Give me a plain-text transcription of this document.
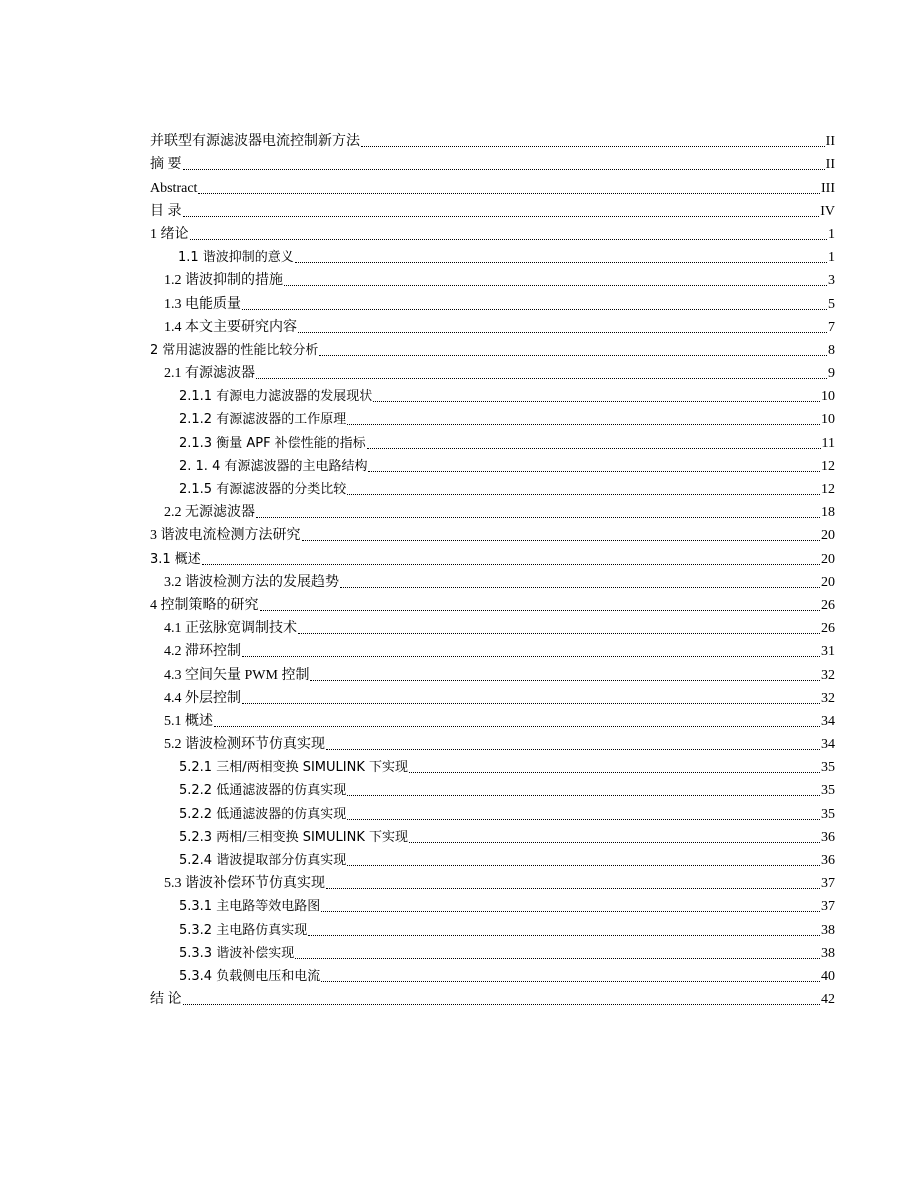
并联型有源滤波器电流控制新方法	II
摘 要	II
Abstract	III
目 录	IV
1 绪论	1
1.1 谐波抑制的意义	1
1.2 谐波抑制的措施	3
1.3 电能质量	5
1.4 本文主要研究内容	7
2 常用滤波器的性能比较分析	8
2.1 有源滤波器	9
2.1.1 有源电力滤波器的发展现状	10
2.1.2 有源滤波器的工作原理	10
2.1.3 衡量 APF 补偿性能的指标	11
2. 1. 4 有源滤波器的主电路结构	12
2.1.5 有源滤波器的分类比较	12
2.2 无源滤波器	18
3 谐波电流检测方法研究	20
3.1 概述	20
3.2 谐波检测方法的发展趋势	20
4 控制策略的研究	26
4.1 正弦脉宽调制技术	26
4.2 滞环控制	31
4.3 空间矢量 PWM 控制	32
4.4 外层控制	32
5.1 概述	34
5.2 谐波检测环节仿真实现	34
5.2.1 三相/两相变换 SIMULINK 下实现	35
5.2.2 低通滤波器的仿真实现	35
5.2.2 低通滤波器的仿真实现	35
5.2.3 两相/三相变换 SIMULINK 下实现	36
5.2.4 谐波提取部分仿真实现	36
5.3 谐波补偿环节仿真实现	37
5.3.1 主电路等效电路图	37
5.3.2 主电路仿真实现	38
5.3.3 谐波补偿实现	38
5.3.4 负载侧电压和电流	40
结 论	42
